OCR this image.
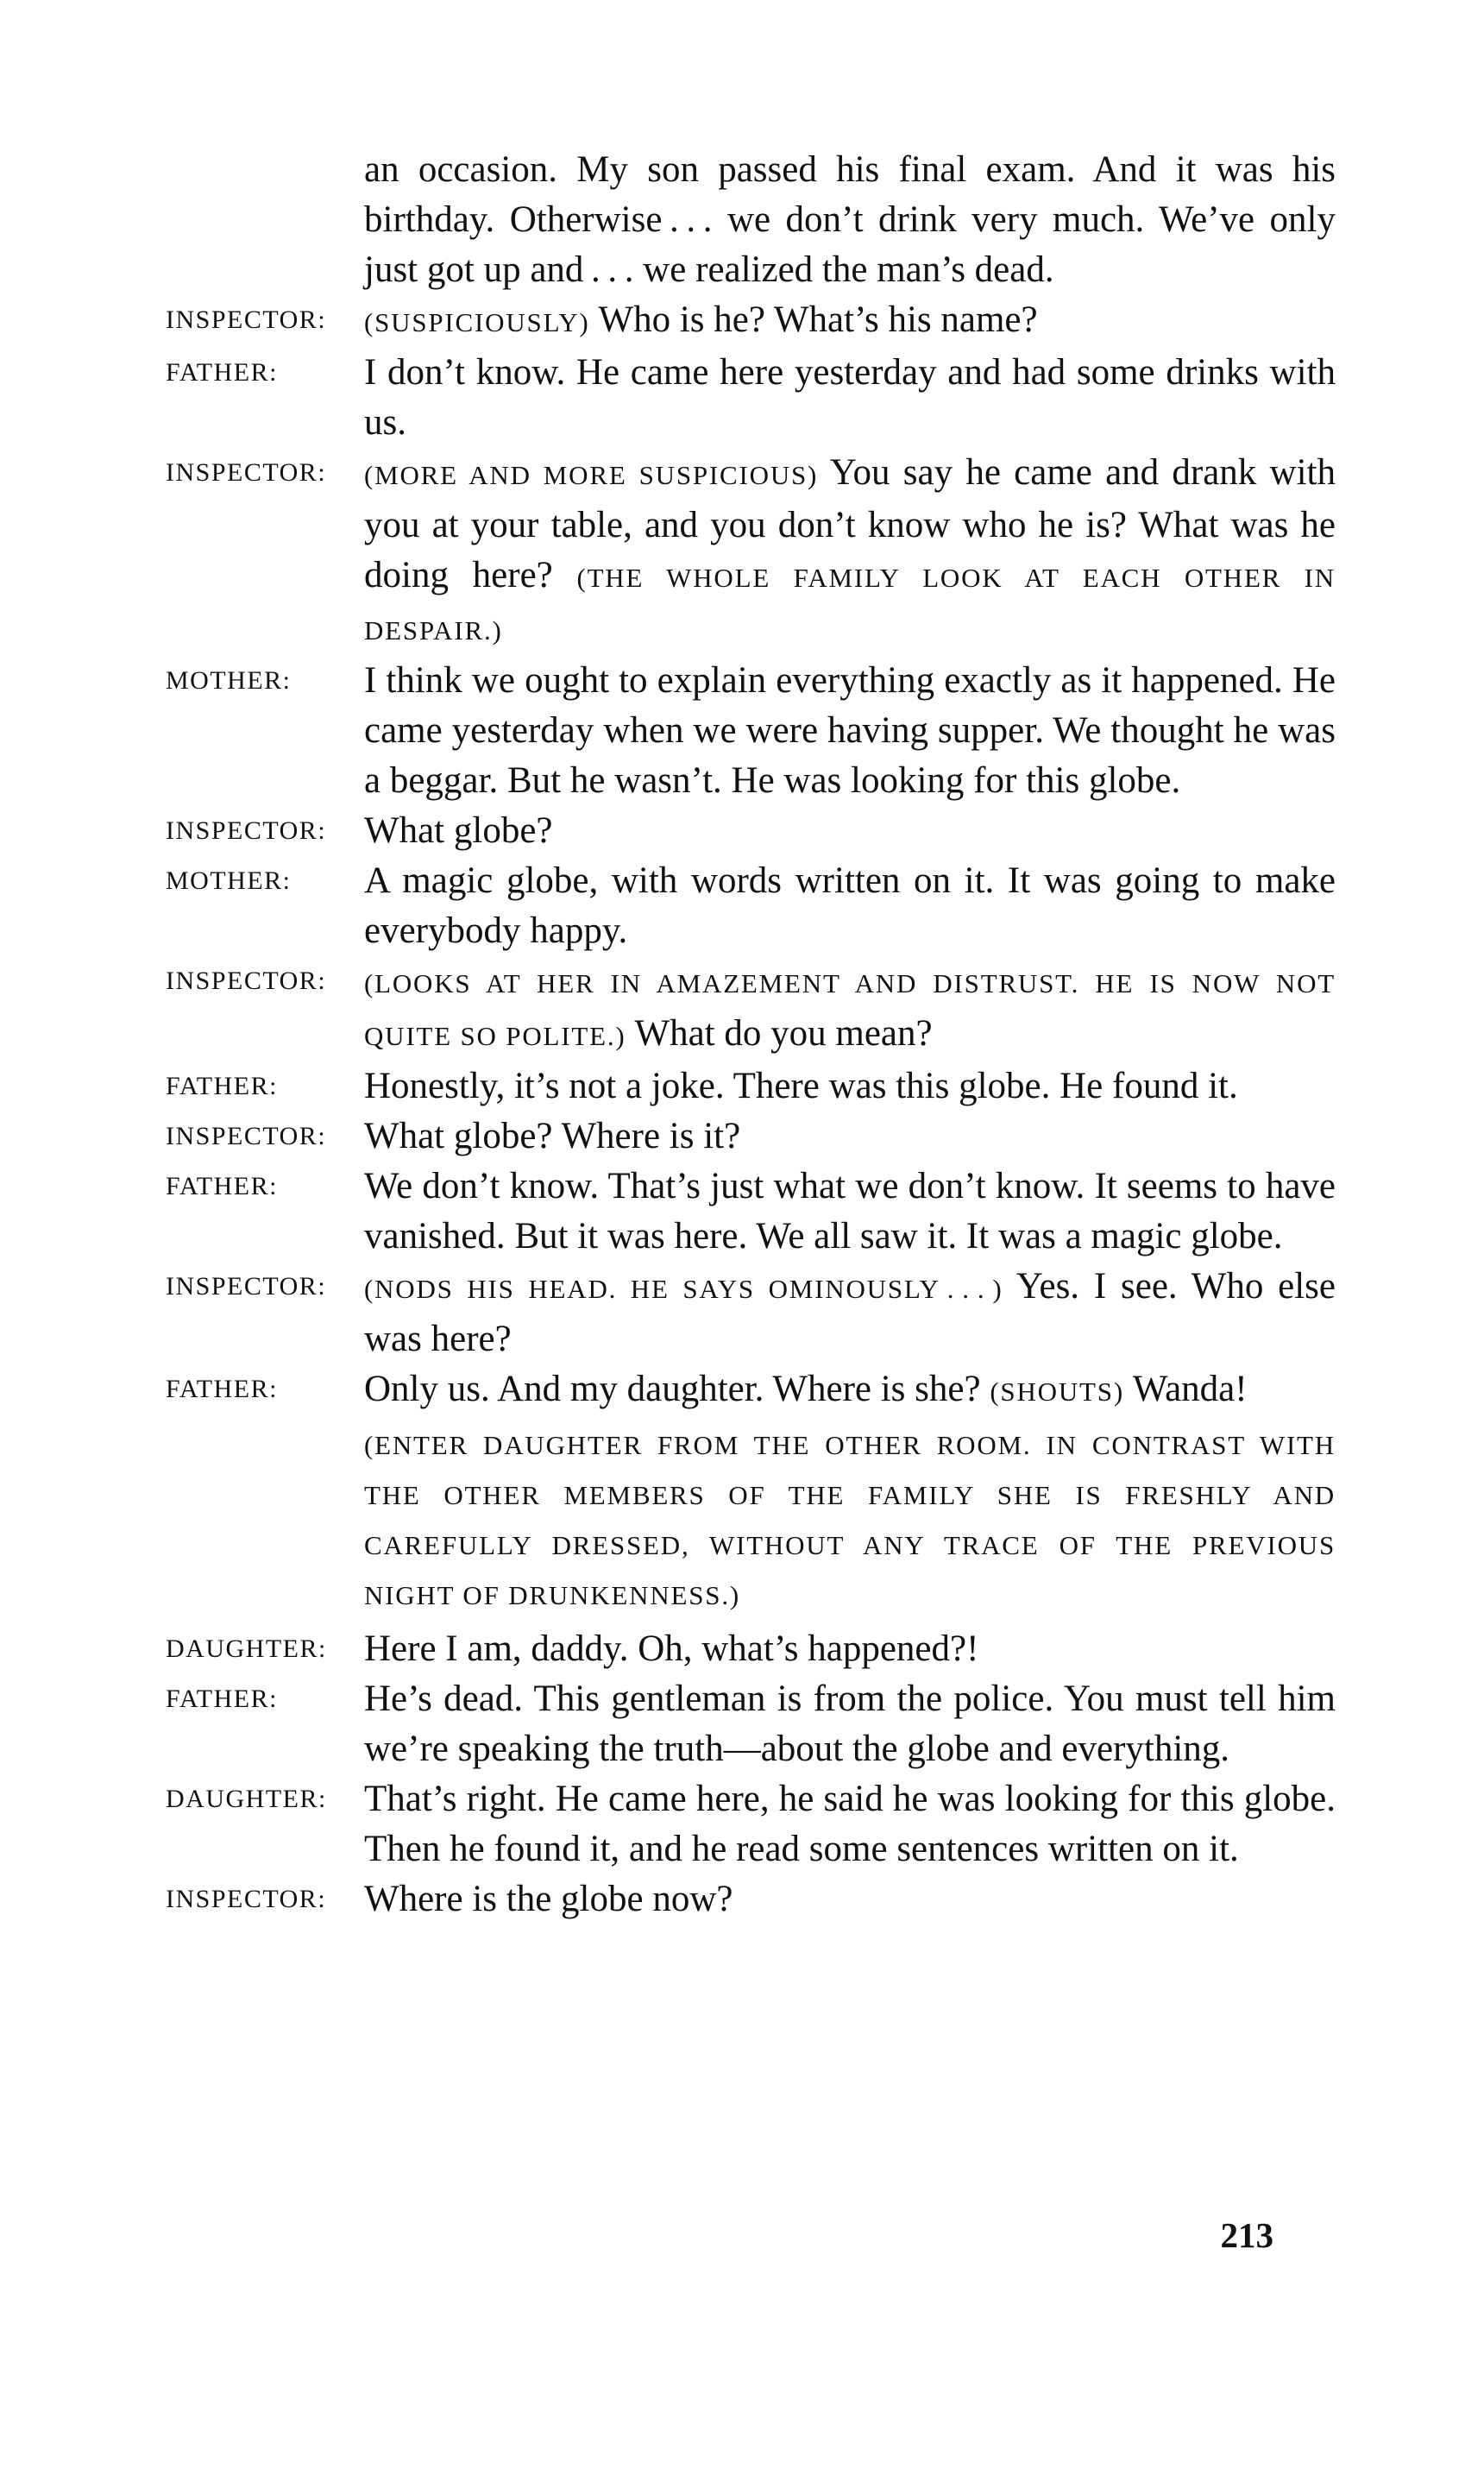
an occasion. My son passed his final exam. And it was his birthday. Otherwise . . . we don’t drink very much. We’ve only just got up and . . . we realized the man’s dead.
INSPECTOR: (SUSPICIOUSLY) Who is he? What’s his name?
FATHER: I don’t know. He came here yesterday and had some drinks with us.
INSPECTOR: (MORE AND MORE SUSPICIOUS) You say he came and drank with you at your table, and you don’t know who he is? What was he doing here? (THE WHOLE FAMILY LOOK AT EACH OTHER IN DESPAIR.)
MOTHER: I think we ought to explain everything exactly as it happened. He came yesterday when we were having supper. We thought he was a beggar. But he wasn’t. He was looking for this globe.
INSPECTOR: What globe?
MOTHER: A magic globe, with words written on it. It was going to make everybody happy.
INSPECTOR: (LOOKS AT HER IN AMAZEMENT AND DISTRUST. HE IS NOW NOT QUITE SO POLITE.) What do you mean?
FATHER: Honestly, it’s not a joke. There was this globe. He found it.
INSPECTOR: What globe? Where is it?
FATHER: We don’t know. That’s just what we don’t know. It seems to have vanished. But it was here. We all saw it. It was a magic globe.
INSPECTOR: (NODS HIS HEAD. HE SAYS OMINOUSLY . . . ) Yes. I see. Who else was here?
FATHER: Only us. And my daughter. Where is she? (SHOUTS) Wanda!
(ENTER DAUGHTER FROM THE OTHER ROOM. IN CONTRAST WITH THE OTHER MEMBERS OF THE FAMILY SHE IS FRESHLY AND CAREFULLY DRESSED, WITHOUT ANY TRACE OF THE PREVIOUS NIGHT OF DRUNKENNESS.)
DAUGHTER: Here I am, daddy. Oh, what’s happened?!
FATHER: He’s dead. This gentleman is from the police. You must tell him we’re speaking the truth—about the globe and everything.
DAUGHTER: That’s right. He came here, he said he was looking for this globe. Then he found it, and he read some sentences written on it.
INSPECTOR: Where is the globe now?
213
